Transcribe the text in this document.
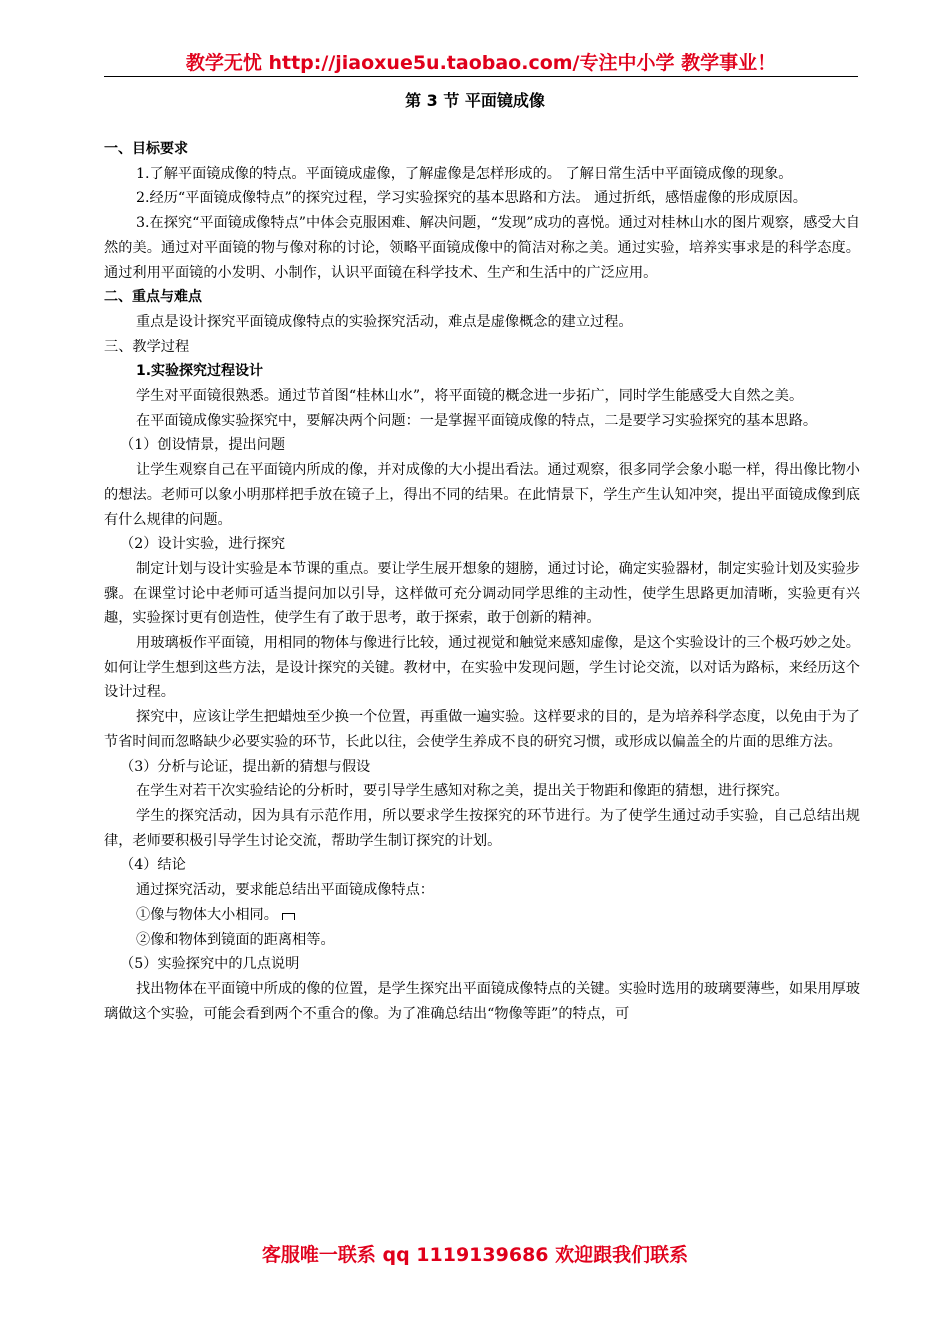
教学无忧 http://jiaoxue5u.taobao.com/专注中小学 教学事业！
第 3 节 平面镜成像

一、目标要求

1.了解平面镜成像的特点。平面镜成虚像，了解虚像是怎样形成的。 了解日常生活中平面镜成像的现象。

2.经历“平面镜成像特点”的探究过程，学习实验探究的基本思路和方法。 通过折纸，感悟虚像的形成原因。

3.在探究“平面镜成像特点”中体会克服困难、解决问题，“发现”成功的喜悦。通过对桂林山水的图片观察，感受大自然的美。通过对平面镜的物与像对称的讨论，领略平面镜成像中的简洁对称之美。通过实验，培养实事求是的科学态度。 通过利用平面镜的小发明、小制作，认识平面镜在科学技术、生产和生活中的广泛应用。

二、重点与难点

重点是设计探究平面镜成像特点的实验探究活动，难点是虚像概念的建立过程。

三、教学过程

1.实验探究过程设计

学生对平面镜很熟悉。通过节首图“桂林山水”，将平面镜的概念进一步拓广，同时学生能感受大自然之美。

在平面镜成像实验探究中，要解决两个问题：一是掌握平面镜成像的特点，二是要学习实验探究的基本思路。

（1）创设情景，提出问题

让学生观察自己在平面镜内所成的像，并对成像的大小提出看法。通过观察，很多同学会象小聪一样，得出像比物小的想法。老师可以象小明那样把手放在镜子上，得出不同的结果。在此情景下，学生产生认知冲突，提出平面镜成像到底有什么规律的问题。

（2）设计实验，进行探究

制定计划与设计实验是本节课的重点。要让学生展开想象的翅膀，通过讨论，确定实验器材，制定实验计划及实验步骤。在课堂讨论中老师可适当提问加以引导，这样做可充分调动同学思维的主动性，使学生思路更加清晰，实验更有兴趣，实验探讨更有创造性，使学生有了敢于思考，敢于探索，敢于创新的精神。

用玻璃板作平面镜，用相同的物体与像进行比较，通过视觉和触觉来感知虚像，是这个实验设计的三个极巧妙之处。如何让学生想到这些方法，是设计探究的关键。教材中，在实验中发现问题，学生讨论交流，以对话为路标，来经历这个设计过程。

探究中，应该让学生把蜡烛至少换一个位置，再重做一遍实验。这样要求的目的，是为培养科学态度，以免由于为了节省时间而忽略缺少必要实验的环节，长此以往，会使学生养成不良的研究习惯，或形成以偏盖全的片面的思维方法。

（3）分析与论证，提出新的猜想与假设

在学生对若干次实验结论的分析时，要引导学生感知对称之美，提出关于物距和像距的猜想，进行探究。

学生的探究活动，因为具有示范作用，所以要求学生按探究的环节进行。为了使学生通过动手实验，自己总结出规律，老师要积极引导学生讨论交流，帮助学生制订探究的计划。

（4）结论

通过探究活动，要求能总结出平面镜成像特点：

①像与物体大小相同。

②像和物体到镜面的距离相等。

（5）实验探究中的几点说明

找出物体在平面镜中所成的像的位置，是学生探究出平面镜成像特点的关键。实验时选用的玻璃要薄些，如果用厚玻璃做这个实验，可能会看到两个不重合的像。为了准确总结出“物像等距”的特点，可

客服唯一联系 qq 1119139686 欢迎跟我们联系
